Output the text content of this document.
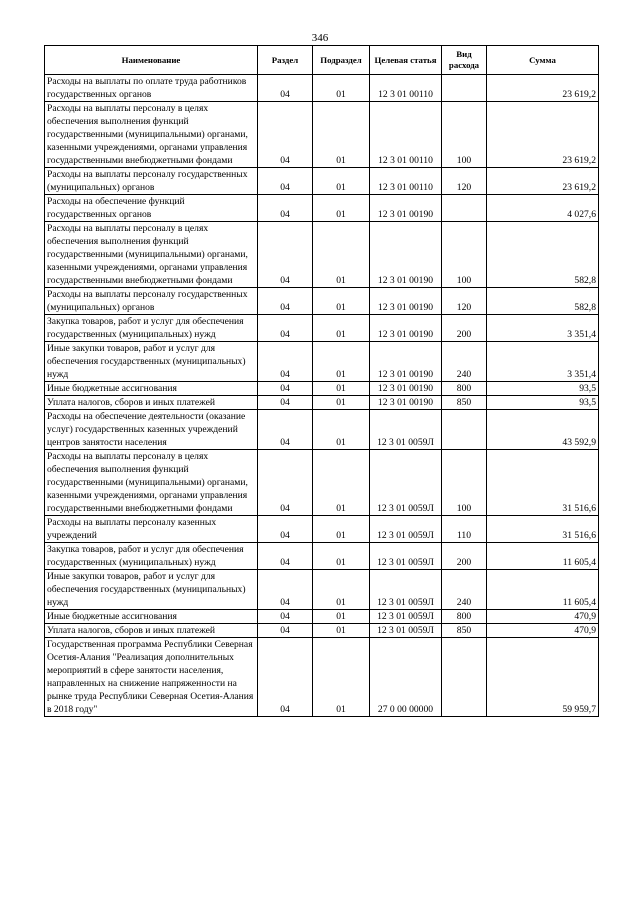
346
Наименование	Раздел	Подраздел	Целевая статья	Вид расхода	Сумма
Расходы на выплаты по оплате труда работников государственных органов	04	01	12 3 01 00110		23 619,2
Расходы на выплаты персоналу в целях обеспечения выполнения функций государственными (муниципальными) органами, казенными учреждениями, органами управления государственными внебюджетными фондами	04	01	12 3 01 00110	100	23 619,2
Расходы на выплаты персоналу государственных (муниципальных) органов	04	01	12 3 01 00110	120	23 619,2
Расходы на обеспечение функций государственных органов	04	01	12 3 01 00190		4 027,6
Расходы на выплаты персоналу в целях обеспечения выполнения функций государственными (муниципальными) органами, казенными учреждениями, органами управления государственными внебюджетными фондами	04	01	12 3 01 00190	100	582,8
Расходы на выплаты персоналу государственных (муниципальных) органов	04	01	12 3 01 00190	120	582,8
Закупка товаров, работ и услуг для обеспечения государственных (муниципальных) нужд	04	01	12 3 01 00190	200	3 351,4
Иные закупки товаров, работ и услуг для обеспечения государственных (муниципальных) нужд	04	01	12 3 01 00190	240	3 351,4
Иные бюджетные ассигнования	04	01	12 3 01 00190	800	93,5
Уплата налогов, сборов и иных платежей	04	01	12 3 01 00190	850	93,5
Расходы на обеспечение деятельности (оказание услуг) государственных казенных учреждений центров занятости населения	04	01	12 3 01 0059Л		43 592,9
Расходы на выплаты персоналу в целях обеспечения выполнения функций государственными (муниципальными) органами, казенными учреждениями, органами управления государственными внебюджетными фондами	04	01	12 3 01 0059Л	100	31 516,6
Расходы на выплаты персоналу казенных учреждений	04	01	12 3 01 0059Л	110	31 516,6
Закупка товаров, работ и услуг для обеспечения государственных (муниципальных) нужд	04	01	12 3 01 0059Л	200	11 605,4
Иные закупки товаров, работ и услуг для обеспечения государственных (муниципальных) нужд	04	01	12 3 01 0059Л	240	11 605,4
Иные бюджетные ассигнования	04	01	12 3 01 0059Л	800	470,9
Уплата налогов, сборов и иных платежей	04	01	12 3 01 0059Л	850	470,9
Государственная программа Республики Северная Осетия-Алания "Реализация дополнительных мероприятий в сфере занятости населения, направленных на снижение напряженности на рынке труда Республики Северная Осетия-Алания в 2018 году"	04	01	27 0 00 00000		59 959,7
